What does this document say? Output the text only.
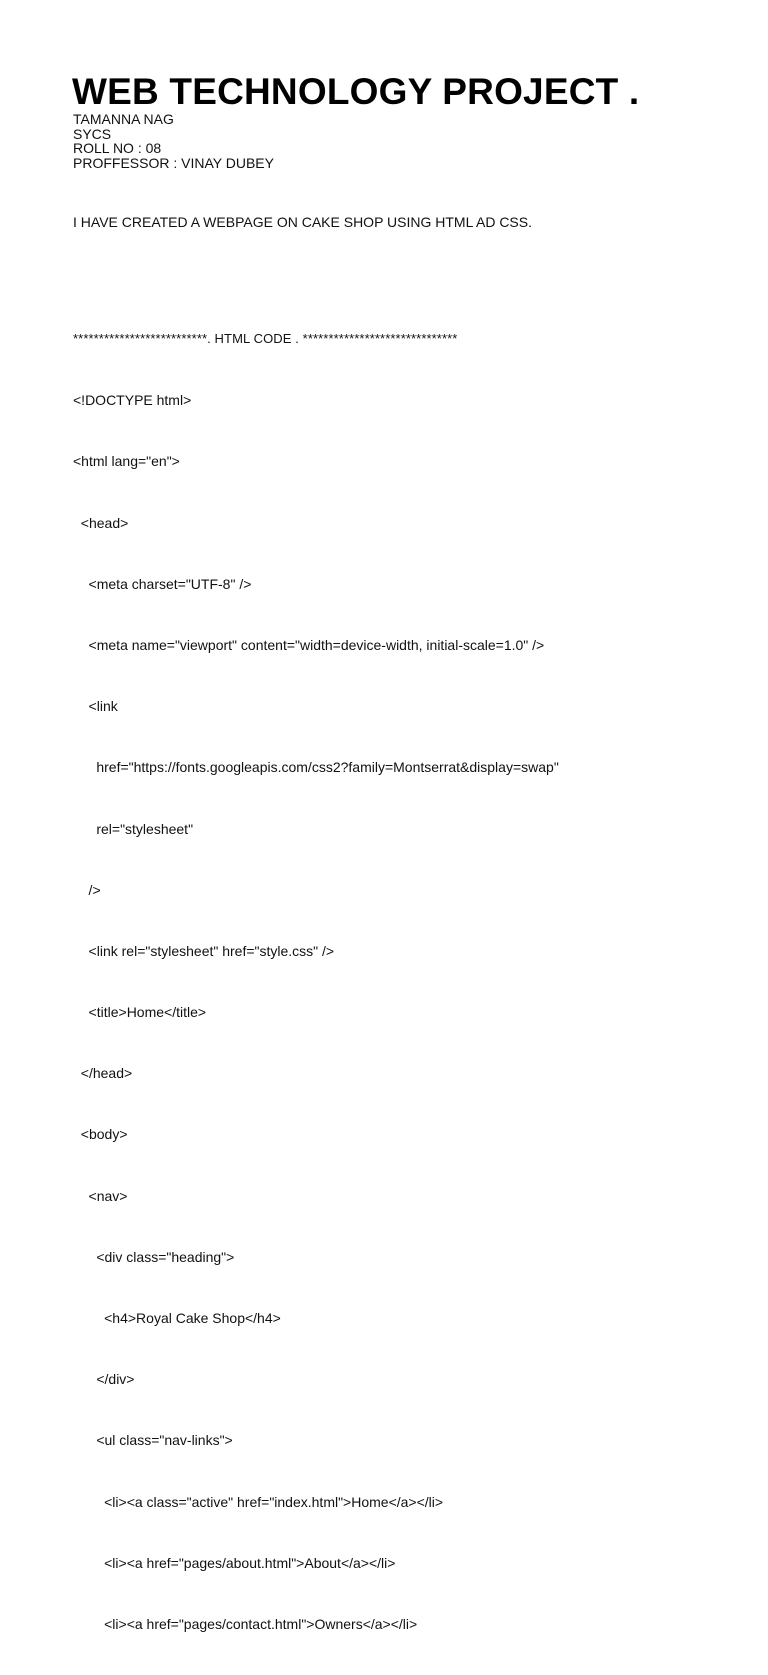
WEB TECHNOLOGY PROJECT .
TAMANNA NAG
SYCS
ROLL NO : 08
PROFFESSOR : VINAY DUBEY
I HAVE CREATED A WEBPAGE ON CAKE SHOP USING HTML AD CSS.

**************************. HTML CODE . ******************************

<!DOCTYPE html>

<html lang="en">

<head>

<meta charset="UTF-8" />

<meta name="viewport" content="width=device-width, initial-scale=1.0" />

<link

href="https://fonts.googleapis.com/css2?family=Montserrat&display=swap"

rel="stylesheet"

/>

<link rel="stylesheet" href="style.css" />

<title>Home</title>

</head>

<body>

<nav>

<div class="heading">

<h4>Royal Cake Shop</h4>

</div>

<ul class="nav-links">

<li><a class="active" href="index.html">Home</a></li>

<li><a href="pages/about.html">About</a></li>

<li><a href="pages/contact.html">Owners</a></li>
